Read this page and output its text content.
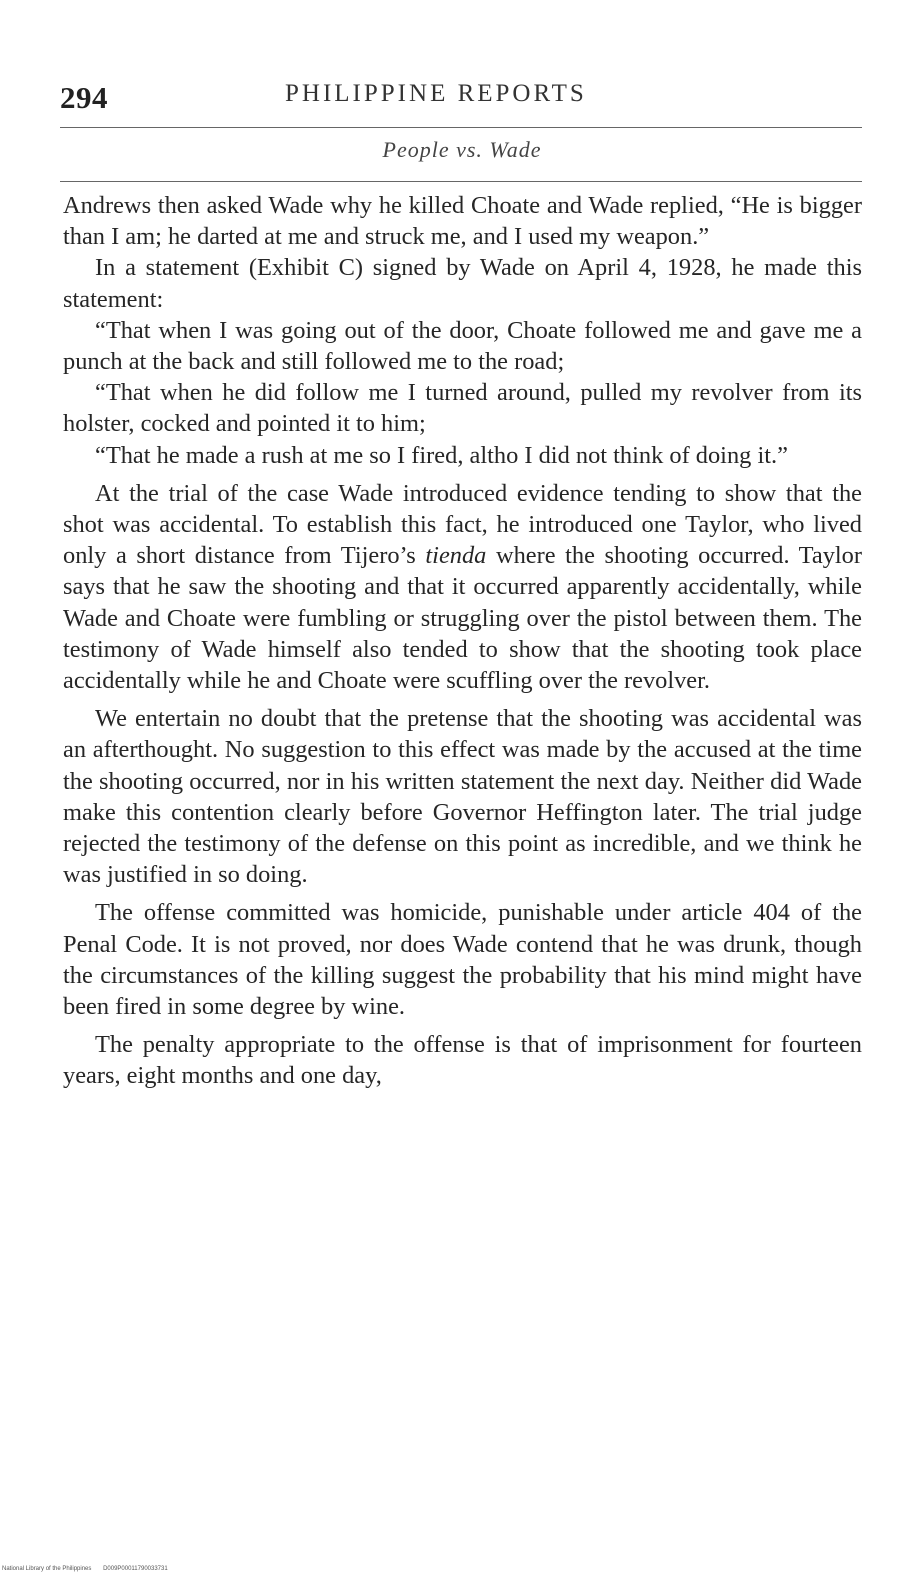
294	PHILIPPINE REPORTS
People vs. Wade

Andrews then asked Wade why he killed Choate and Wade replied, “He is bigger than I am; he darted at me and struck me, and I used my weapon.”

In a statement (Exhibit C) signed by Wade on April 4, 1928, he made this statement:

“That when I was going out of the door, Choate followed me and gave me a punch at the back and still followed me to the road;

“That when he did follow me I turned around, pulled my revolver from its holster, cocked and pointed it to him;

“That he made a rush at me so I fired, altho I did not think of doing it.”

At the trial of the case Wade introduced evidence tending to show that the shot was accidental. To establish this fact, he introduced one Taylor, who lived only a short distance from Tijero’s tienda where the shooting occurred. Taylor says that he saw the shooting and that it occurred apparently accidentally, while Wade and Choate were fumbling or struggling over the pistol between them. The testimony of Wade himself also tended to show that the shooting took place accidentally while he and Choate were scuffling over the revolver.

We entertain no doubt that the pretense that the shooting was accidental was an afterthought. No suggestion to this effect was made by the accused at the time the shooting occurred, nor in his written statement the next day. Neither did Wade make this contention clearly before Governor Heffington later. The trial judge rejected the testimony of the defense on this point as incredible, and we think he was justified in so doing.

The offense committed was homicide, punishable under article 404 of the Penal Code. It is not proved, nor does Wade contend that he was drunk, though the circumstances of the killing suggest the probability that his mind might have been fired in some degree by wine.

The penalty appropriate to the offense is that of imprisonment for fourteen years, eight months and one day,

National Library of the Philippines D009P00011790033731
